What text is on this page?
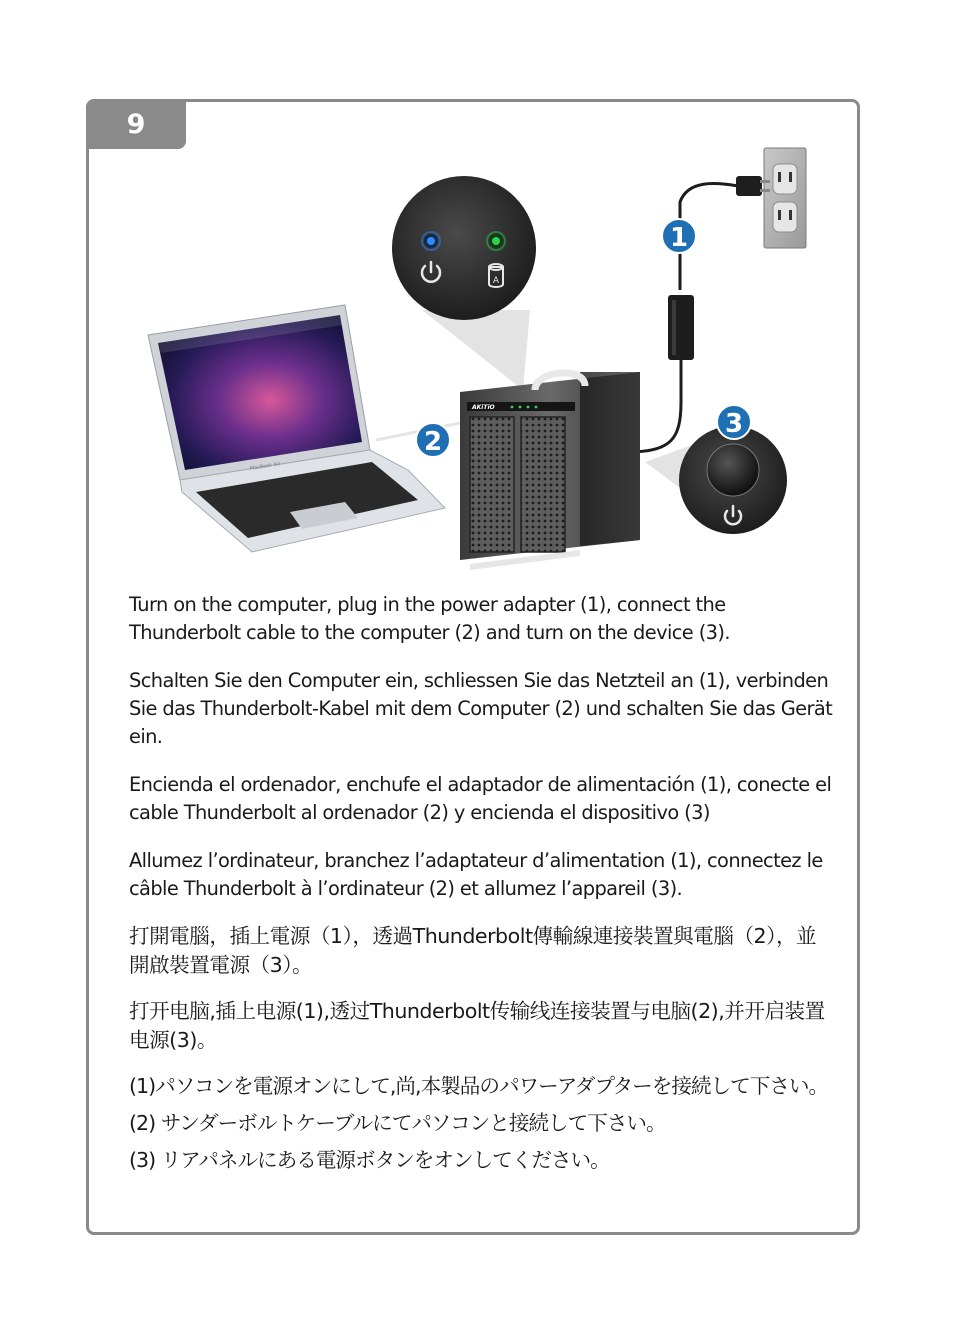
9
MacBook Air
AKiTiO
A
1
2
3

Turn on the computer, plug in the power adapter (1), connect the Thunderbolt cable to the computer (2) and turn on the device (3).

Schalten Sie den Computer ein, schliessen Sie das Netzteil an (1), verbinden Sie das Thunderbolt-Kabel mit dem Computer (2) und schalten Sie das Gerät ein.

Encienda el ordenador, enchufe el adaptador de alimentación (1), conecte el cable Thunderbolt al ordenador (2) y encienda el dispositivo (3)

Allumez l’ordinateur, branchez l’adaptateur d’alimentation (1), connectez le câble Thunderbolt à l’ordinateur (2) et allumez l’appareil (3).

打開電腦，插上電源（1），透過Thunderbolt傳輸線連接裝置與電腦（2），並開啟裝置電源（3）。

打开电脑,插上电源(1),透过Thunderbolt传输线连接装置与电脑(2),并开启装置电源(3)。

(1)パソコンを電源オンにして,尚,本製品のパワーアダプターを接続して下さい。

(2) サンダーボルトケーブルにてパソコンと接続して下さい。

(3) リアパネルにある電源ボタンをオンしてください。
